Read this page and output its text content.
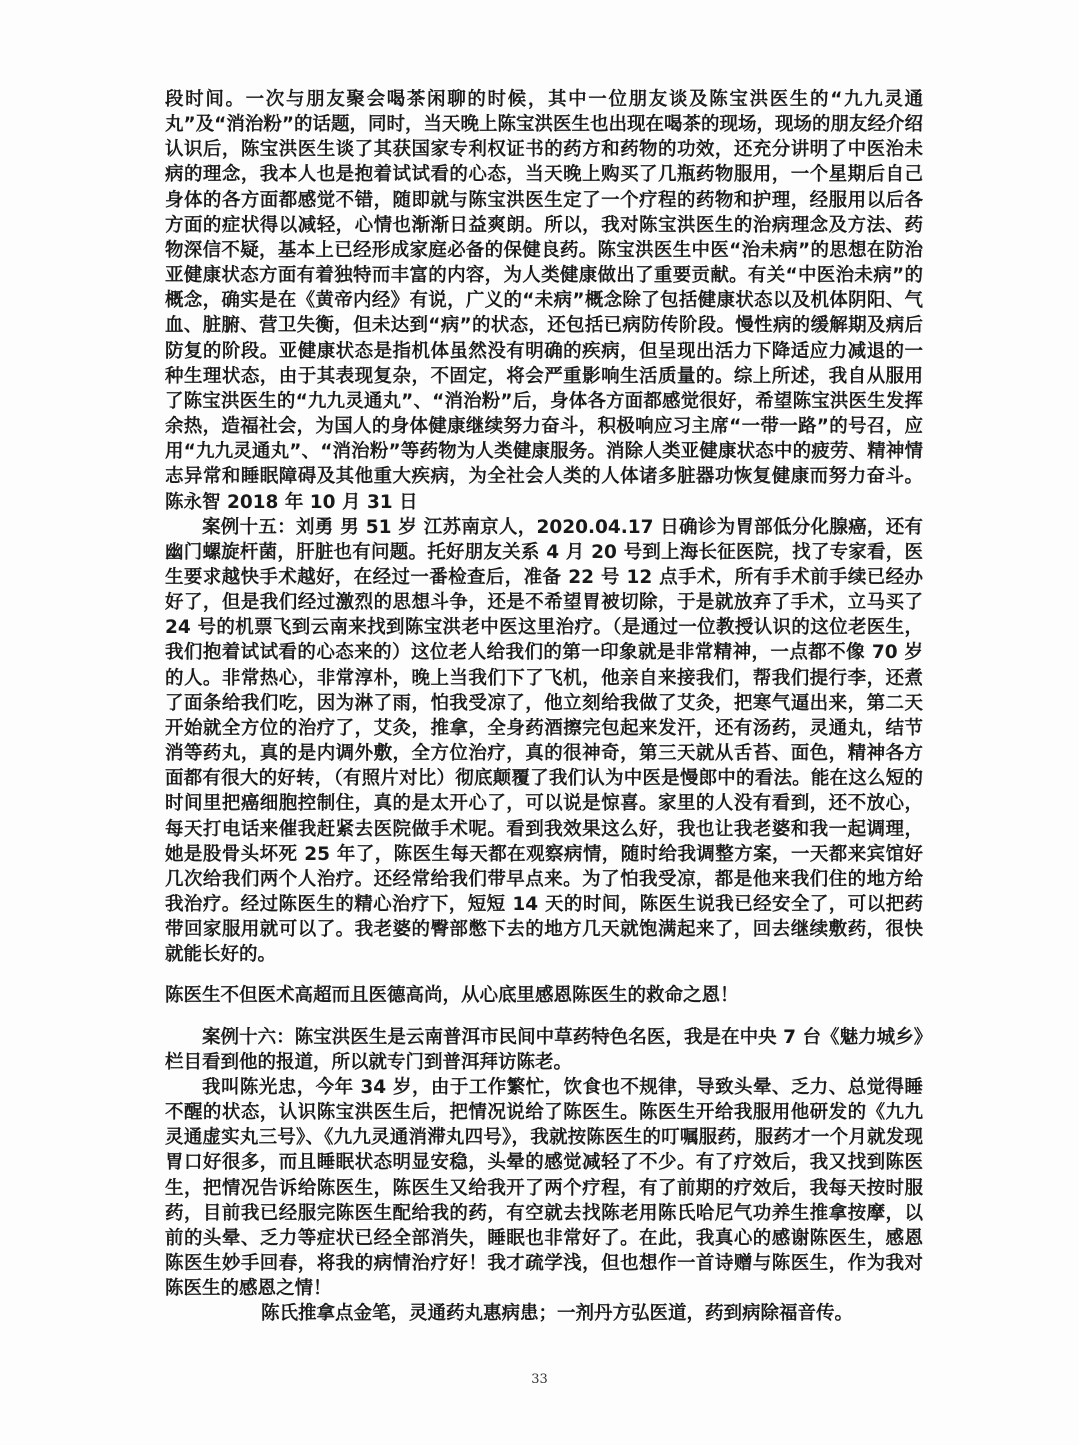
段时间。一次与朋友聚会喝茶闲聊的时候，其中一位朋友谈及陈宝洪医生的“九九灵通丸”及“消治粉”的话题，同时，当天晚上陈宝洪医生也出现在喝茶的现场，现场的朋友经介绍认识后，陈宝洪医生谈了其获国家专利权证书的药方和药物的功效，还充分讲明了中医治未病的理念，我本人也是抱着试试看的心态，当天晚上购买了几瓶药物服用，一个星期后自己身体的各方面都感觉不错，随即就与陈宝洪医生定了一个疗程的药物和护理，经服用以后各方面的症状得以减轻，心情也渐渐日益爽朗。所以，我对陈宝洪医生的治病理念及方法、药物深信不疑，基本上已经形成家庭必备的保健良药。陈宝洪医生中医“治未病”的思想在防治亚健康状态方面有着独特而丰富的内容，为人类健康做出了重要贡献。有关“中医治未病”的概念，确实是在《黄帝内经》有说，广义的“未病”概念除了包括健康状态以及机体阴阳、气血、脏腑、营卫失衡，但未达到“病”的状态，还包括已病防传阶段。慢性病的缓解期及病后防复的阶段。亚健康状态是指机体虽然没有明确的疾病，但呈现出活力下降适应力减退的一种生理状态，由于其表现复杂，不固定，将会严重影响生活质量的。综上所述，我自从服用了陈宝洪医生的“九九灵通丸”、“消治粉”后，身体各方面都感觉很好，希望陈宝洪医生发挥余热，造福社会，为国人的身体健康继续努力奋斗，积极响应习主席“一带一路”的号召，应用“九九灵通丸”、“消治粉”等药物为人类健康服务。消除人类亚健康状态中的疲劳、精神情志异常和睡眠障碍及其他重大疾病，为全社会人类的人体诸多脏器功恢复健康而努力奋斗。陈永智 2018 年 10 月 31 日

案例十五：刘勇 男 51 岁 江苏南京人，2020.04.17 日确诊为胃部低分化腺癌，还有幽门螺旋杆菌，肝脏也有问题。托好朋友关系 4 月 20 号到上海长征医院，找了专家看，医生要求越快手术越好，在经过一番检查后，准备 22 号 12 点手术，所有手术前手续已经办好了，但是我们经过激烈的思想斗争，还是不希望胃被切除，于是就放弃了手术，立马买了 24 号的机票飞到云南来找到陈宝洪老中医这里治疗。（是通过一位教授认识的这位老医生，我们抱着试试看的心态来的）这位老人给我们的第一印象就是非常精神，一点都不像 70 岁的人。非常热心，非常淳朴，晚上当我们下了飞机，他亲自来接我们，帮我们提行李，还煮了面条给我们吃，因为淋了雨，怕我受凉了，他立刻给我做了艾灸，把寒气逼出来，第二天开始就全方位的治疗了，艾灸，推拿，全身药酒擦完包起来发汗，还有汤药，灵通丸，结节消等药丸，真的是内调外敷，全方位治疗，真的很神奇，第三天就从舌苔、面色，精神各方面都有很大的好转，（有照片对比）彻底颠覆了我们认为中医是慢郎中的看法。能在这么短的时间里把癌细胞控制住，真的是太开心了，可以说是惊喜。家里的人没有看到，还不放心，每天打电话来催我赶紧去医院做手术呢。看到我效果这么好，我也让我老婆和我一起调理，她是股骨头坏死 25 年了，陈医生每天都在观察病情，随时给我调整方案，一天都来宾馆好几次给我们两个人治疗。还经常给我们带早点来。为了怕我受凉，都是他来我们住的地方给我治疗。经过陈医生的精心治疗下，短短 14 天的时间，陈医生说我已经安全了，可以把药带回家服用就可以了。我老婆的臀部憋下去的地方几天就饱满起来了，回去继续敷药，很快就能长好的。

陈医生不但医术高超而且医德高尚，从心底里感恩陈医生的救命之恩！

案例十六：陈宝洪医生是云南普洱市民间中草药特色名医，我是在中央 7 台《魅力城乡》栏目看到他的报道，所以就专门到普洱拜访陈老。

我叫陈光忠，今年 34 岁，由于工作繁忙，饮食也不规律，导致头晕、乏力、总觉得睡不醒的状态，认识陈宝洪医生后，把情况说给了陈医生。陈医生开给我服用他研发的《九九灵通虚实丸三号》、《九九灵通消滞丸四号》，我就按陈医生的叮嘱服药，服药才一个月就发现胃口好很多，而且睡眠状态明显安稳，头晕的感觉减轻了不少。有了疗效后，我又找到陈医生，把情况告诉给陈医生，陈医生又给我开了两个疗程，有了前期的疗效后，我每天按时服药，目前我已经服完陈医生配给我的药，有空就去找陈老用陈氏哈尼气功养生推拿按摩，以前的头晕、乏力等症状已经全部消失，睡眠也非常好了。在此，我真心的感谢陈医生，感恩陈医生妙手回春，将我的病情治疗好！我才疏学浅，但也想作一首诗赠与陈医生，作为我对陈医生的感恩之情！

陈氏推拿点金笔，灵通药丸惠病患；一剂丹方弘医道，药到病除福音传。

33
